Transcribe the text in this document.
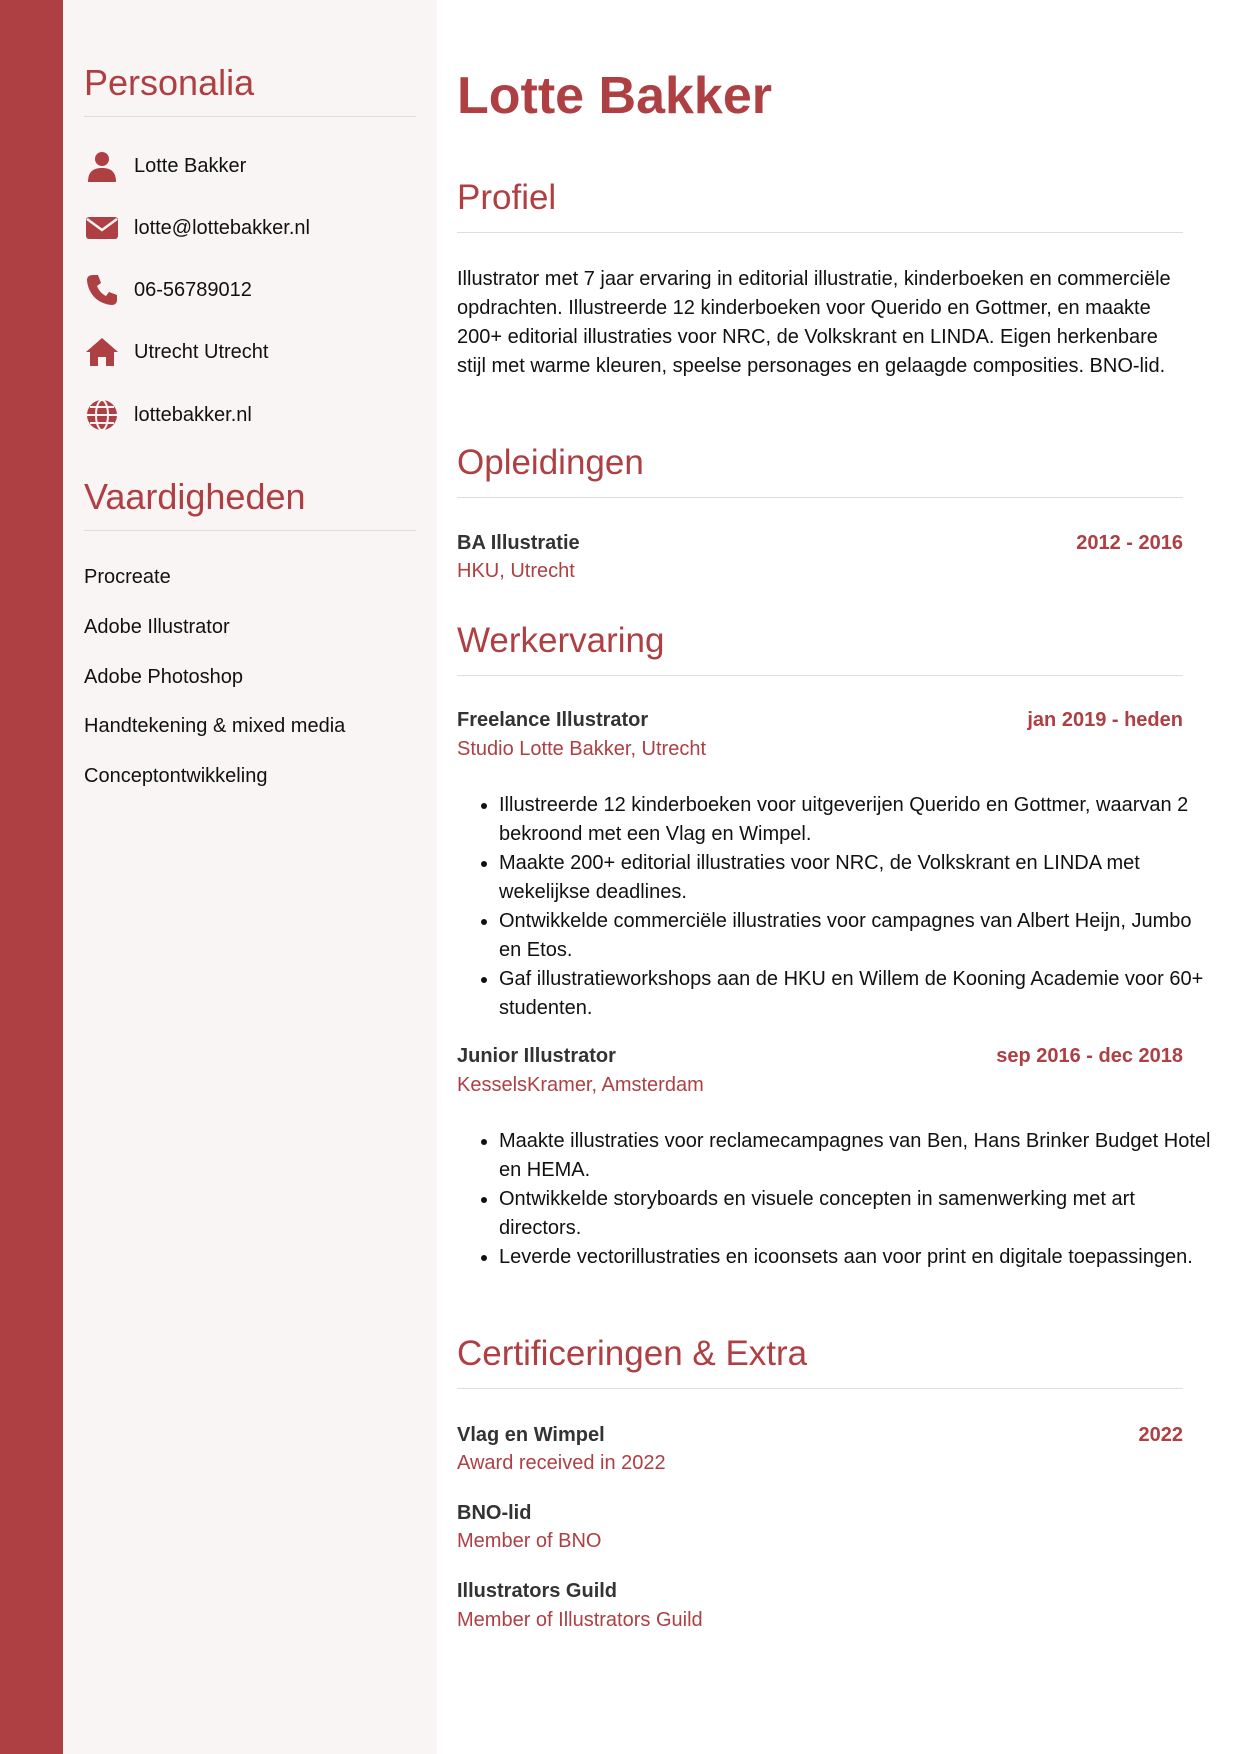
Personalia
Lotte Bakker
lotte@lottebakker.nl
06-56789012
Utrecht Utrecht
lottebakker.nl
Vaardigheden
Procreate
Adobe Illustrator
Adobe Photoshop
Handtekening & mixed media
Conceptontwikkeling
Lotte Bakker
Profiel

Illustrator met 7 jaar ervaring in editorial illustratie, kinderboeken en commerciële opdrachten. Illustreerde 12 kinderboeken voor Querido en Gottmer, en maakte 200+ editorial illustraties voor NRC, de Volkskrant en LINDA. Eigen herkenbare stijl met warme kleuren, speelse personages en gelaagde composities. BNO-lid.

Opleidingen
BA Illustratie	2012 - 2016
HKU, Utrecht
Werkervaring
Freelance Illustrator	jan 2019 - heden
Studio Lotte Bakker, Utrecht
• Illustreerde 12 kinderboeken voor uitgeverijen Querido en Gottmer, waarvan 2 bekroond met een Vlag en Wimpel.
• Maakte 200+ editorial illustraties voor NRC, de Volkskrant en LINDA met wekelijkse deadlines.
• Ontwikkelde commerciële illustraties voor campagnes van Albert Heijn, Jumbo en Etos.
• Gaf illustratieworkshops aan de HKU en Willem de Kooning Academie voor 60+ studenten.
Junior Illustrator	sep 2016 - dec 2018
KesselsKramer, Amsterdam
• Maakte illustraties voor reclamecampagnes van Ben, Hans Brinker Budget Hotel en HEMA.
• Ontwikkelde storyboards en visuele concepten in samenwerking met art directors.
• Leverde vectorillustraties en icoonsets aan voor print en digitale toepassingen.
Certificeringen & Extra
Vlag en Wimpel	2022
Award received in 2022
BNO-lid
Member of BNO
Illustrators Guild
Member of Illustrators Guild
